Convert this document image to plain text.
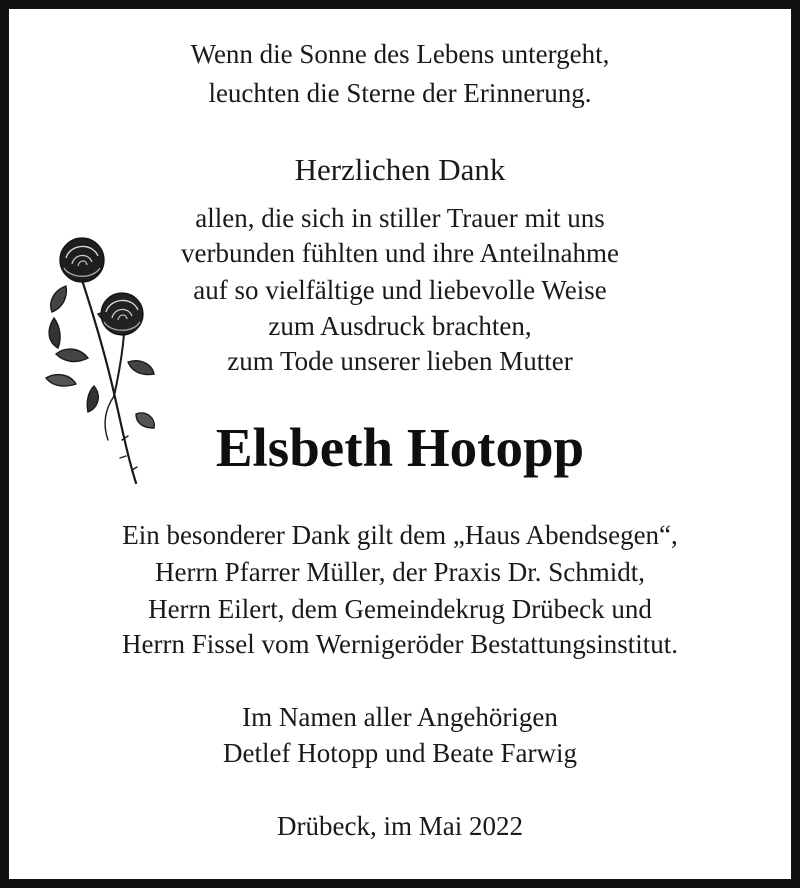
Wenn die Sonne des Lebens untergeht,
leuchten die Sterne der Erinnerung.
Herzlichen Dank
allen, die sich in stiller Trauer mit uns
verbunden fühlten und ihre Anteilnahme
auf so vielfältige und liebevolle Weise
zum Ausdruck brachten,
zum Tode unserer lieben Mutter
Elsbeth Hotopp
Ein besonderer Dank gilt dem „Haus Abendsegen“,
Herrn Pfarrer Müller, der Praxis Dr. Schmidt,
Herrn Eilert, dem Gemeindekrug Drübeck und
Herrn Fissel vom Wernigeröder Bestattungsinstitut.
Im Namen aller Angehörigen
Detlef Hotopp und Beate Farwig
Drübeck, im Mai 2022
